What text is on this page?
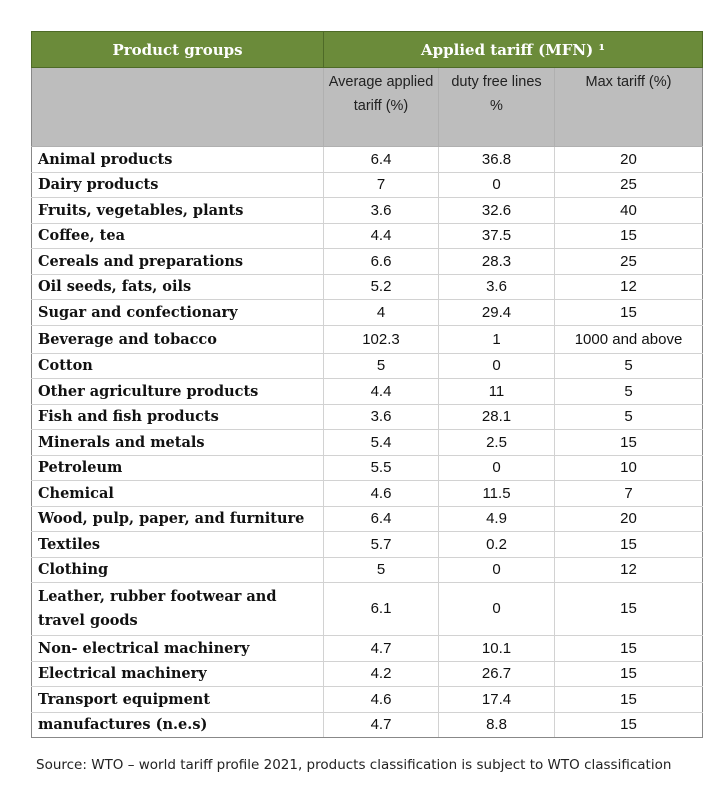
Product groups	Applied tariff (MFN) ¹		
	Average applied tariff (%)	duty free lines %	Max tariff (%)
Animal products	6.4	36.8	20
Dairy products	7	0	25
Fruits, vegetables, plants	3.6	32.6	40
Coffee, tea	4.4	37.5	15
Cereals and preparations	6.6	28.3	25
Oil seeds, fats, oils	5.2	3.6	12
Sugar and confectionary	4	29.4	15
Beverage and tobacco	102.3	1	1000 and above
Cotton	5	0	5
Other agriculture products	4.4	11	5
Fish and fish products	3.6	28.1	5
Minerals and metals	5.4	2.5	15
Petroleum	5.5	0	10
Chemical	4.6	11.5	7
Wood, pulp, paper, and furniture	6.4	4.9	20
Textiles	5.7	0.2	15
Clothing	5	0	12
Leather, rubber footwear and travel goods	6.1	0	15
Non- electrical machinery	4.7	10.1	15
Electrical machinery	4.2	26.7	15
Transport equipment	4.6	17.4	15
manufactures (n.e.s)	4.7	8.8	15
Source: WTO – world tariff profile 2021, products classification is subject to WTO classification
